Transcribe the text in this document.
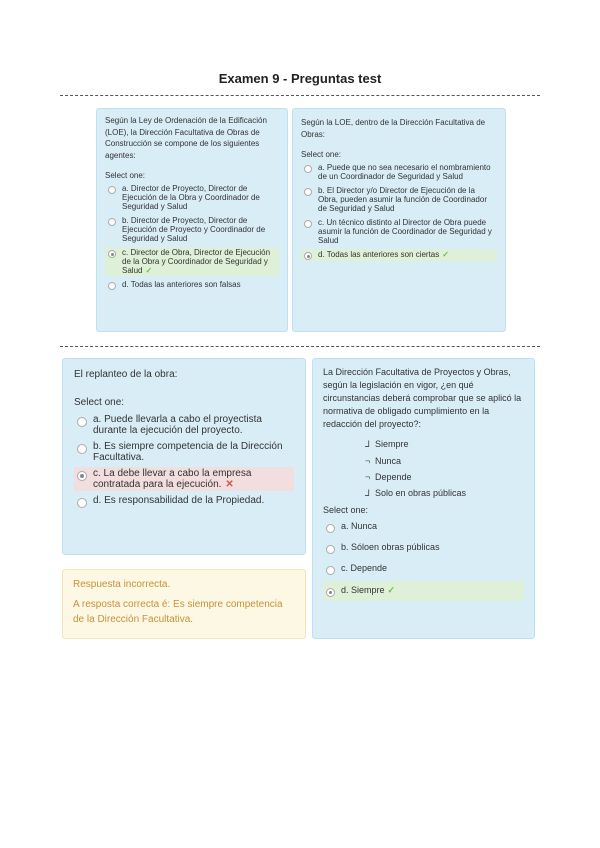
Examen 9 - Preguntas test
Según la Ley de Ordenación de la Edificación (LOE), la Dirección Facultativa de Obras de Construcción se compone de los siguientes agentes:
Select one:
a. Director de Proyecto, Director de Ejecución de la Obra y Coordinador de Seguridad y Salud
b. Director de Proyecto, Director de Ejecución de Proyecto y Coordinador de Seguridad y Salud
c. Director de Obra, Director de Ejecución de la Obra y Coordinador de Seguridad y Salud ✓
d. Todas las anteriores son falsas
Según la LOE, dentro de la Dirección Facultativa de Obras:
Select one:
a. Puede que no sea necesario el nombramiento de un Coordinador de Seguridad y Salud
b. El Director y/o Director de Ejecución de la Obra, pueden asumir la función de Coordinador de Seguridad y Salud
c. Un técnico distinto al Director de Obra puede asumir la función de Coordinador de Seguridad y Salud
d. Todas las anteriores son ciertas ✓
El replanteo de la obra:
Select one:
a. Puede llevarla a cabo el proyectista durante la ejecución del proyecto.
b. Es siempre competencia de la Dirección Facultativa.
c. La debe llevar a cabo la empresa contratada para la ejecución. ✕
d. Es responsabilidad de la Propiedad.
Respuesta incorrecta.
A resposta correcta é: Es siempre competencia de la Dirección Facultativa.
La Dirección Facultativa de Proyectos y Obras, según la legislación en vigor, ¿en qué circunstancias deberá comprobar que se aplicó la normativa de obligado cumplimiento en la redacción del proyecto?:
⅃ Siempre
¬ Nunca
¬ Depende
⅃ Solo en obras públicas
Select one:
a. Nunca
b. Sóloen obras públicas
c. Depende
d. Siempre ✓
